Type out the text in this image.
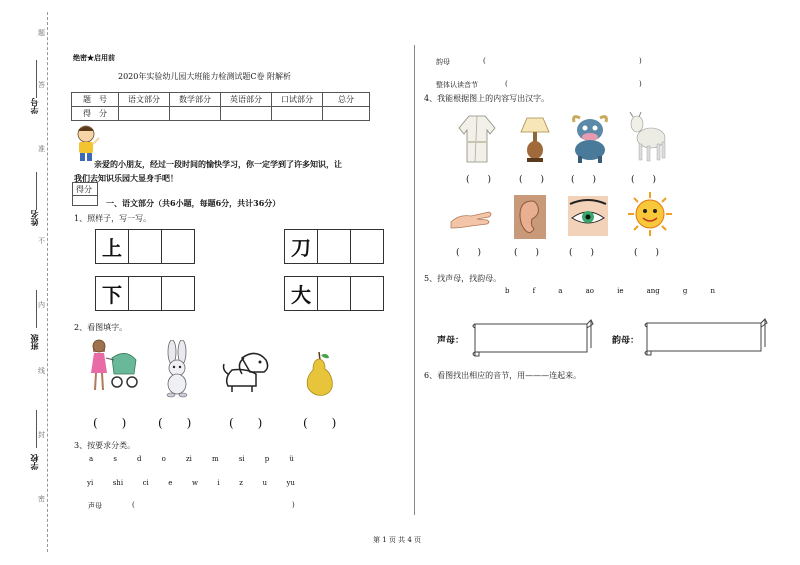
学号
姓名
班级
学校
题
答
准
不
内
线
封
密
绝密★启用前
2020年实验幼儿园大班能力检测试题C卷 附解析
题　号	语文部分	数学部分	英语部分	口试部分	总分
得　分					
亲爱的小朋友，经过一段时间的愉快学习，你一定学到了许多知识，让
我们去知识乐园大显身手吧！
得分
一、语文部分（共6小题，每题6分，共计36分）
1、照样子，写一写。
上	刀
下	大
2、看图填字。
(　　)	(　　)	(　　)	(　　)
3、按要求分类。
a	s	d	o	zi	m	si	p	ü
yi	shi	ci	e	w	i	z	u	yu
声母	(	)
韵母	(	)
整体认读音节	(	)
4、我能根据图上的内容写出汉字。
(　　)	(　　)	(　　)	(　　)
(　　)	(　　)	(　　)	(　　)
5、找声母，找韵母。
b	f	a	ao	ie	ang	g	n
声母：	韵母：
6、看图找出相应的音节，用———连起来。
第 1 页 共 4 页
